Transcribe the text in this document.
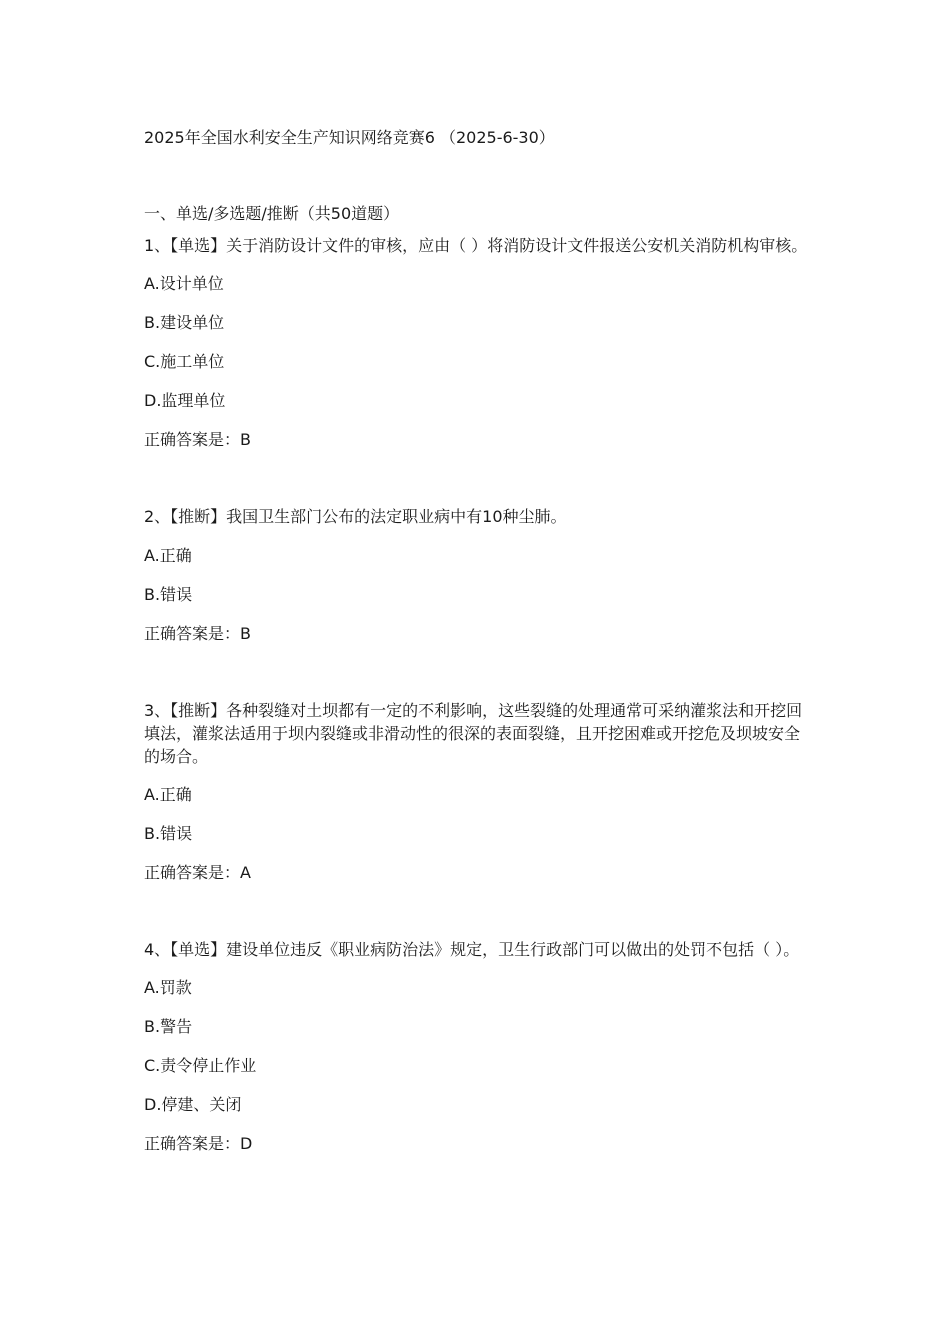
2025年全国水利安全生产知识网络竞赛6 （2025-6-30）
一、单选/多选题/推断（共50道题）

1、【单选】关于消防设计文件的审核，应由（ ）将消防设计文件报送公安机关消防机构审核。

A.设计单位

B.建设单位

C.施工单位

D.监理单位

正确答案是：B

2、【推断】我国卫生部门公布的法定职业病中有10种尘肺。

A.正确

B.错误

正确答案是：B

3、【推断】各种裂缝对土坝都有一定的不利影响，这些裂缝的处理通常可采纳灌浆法和开挖回填法，灌浆法适用于坝内裂缝或非滑动性的很深的表面裂缝，且开挖困难或开挖危及坝坡安全的场合。

A.正确

B.错误

正确答案是：A

4、【单选】建设单位违反《职业病防治法》规定，卫生行政部门可以做出的处罚不包括（ ）。

A.罚款

B.警告

C.责令停止作业

D.停建、关闭

正确答案是：D
